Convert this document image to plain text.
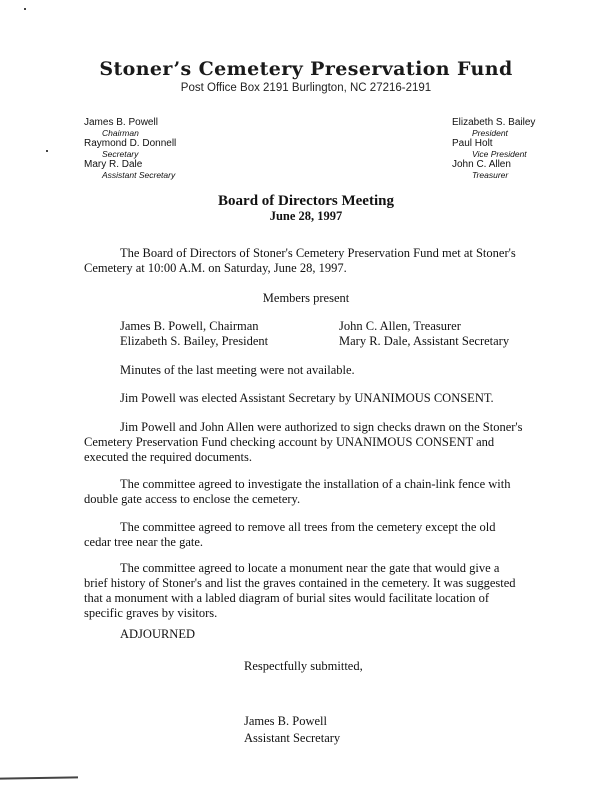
Stoner’s Cemetery Preservation Fund
Post Office Box 2191 Burlington, NC 27216-2191

James B. Powell
Chairman

Raymond D. Donnell
Secretary

Mary R. Dale
Assistant Secretary

Elizabeth S. Bailey
President

Paul Holt
Vice President

John C. Allen
Treasurer

Board of Directors Meeting
June 28, 1997

The Board of Directors of Stoner's Cemetery Preservation Fund met at Stoner's Cemetery at 10:00 A.M. on Saturday, June 28, 1997.

Members present
James B. Powell, Chairman
Elizabeth S. Bailey, President
John C. Allen, Treasurer
Mary R. Dale, Assistant Secretary

Minutes of the last meeting were not available.

Jim Powell was elected Assistant Secretary by UNANIMOUS CONSENT.

Jim Powell and John Allen were authorized to sign checks drawn on the Stoner's Cemetery Preservation Fund checking account by UNANIMOUS CONSENT and executed the required documents.

The committee agreed to investigate the installation of a chain-link fence with double gate access to enclose the cemetery.

The committee agreed to remove all trees from the cemetery except the old cedar tree near the gate.

The committee agreed to locate a monument near the gate that would give a brief history of Stoner's and list the graves contained in the cemetery. It was suggested that a monument with a labled diagram of burial sites would facilitate location of specific graves by visitors.

ADJOURNED
Respectfully submitted,
James B. Powell
Assistant Secretary
